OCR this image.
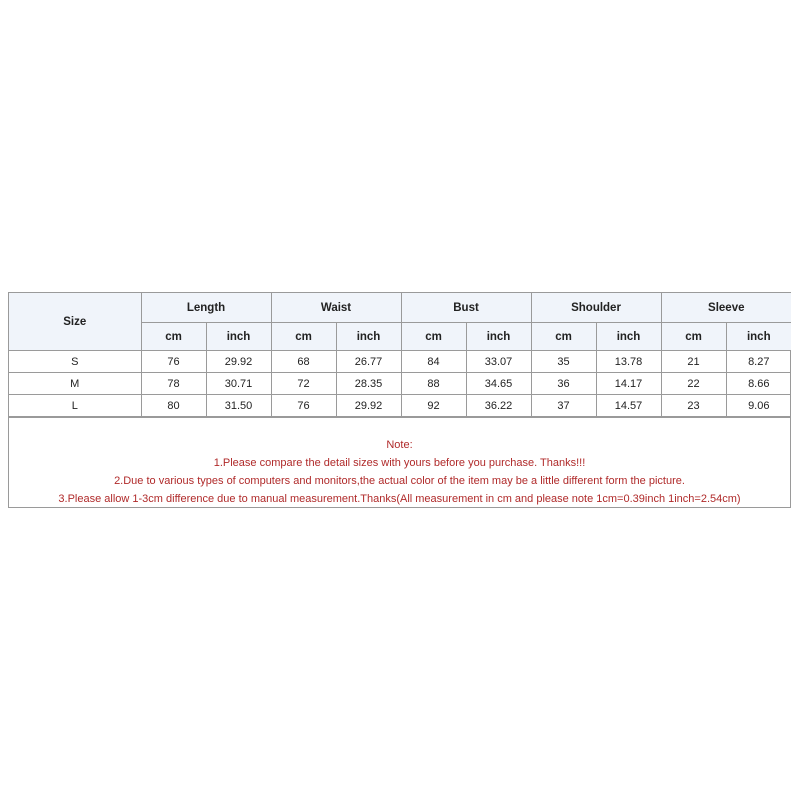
Size	Length		Waist		Bust		Shoulder		Sleeve	
	cm	inch	cm	inch	cm	inch	cm	inch	cm	inch
S	76	29.92	68	26.77	84	33.07	35	13.78	21	8.27
M	78	30.71	72	28.35	88	34.65	36	14.17	22	8.66
L	80	31.50	76	29.92	92	36.22	37	14.57	23	9.06
Note:
1.Please compare the detail sizes with yours before you purchase. Thanks!!!
2.Due to various types of computers and monitors,the actual color of the item may be a little different form the picture.
3.Please allow 1-3cm difference due to manual measurement.Thanks(All measurement in cm and please note 1cm=0.39inch 1inch=2.54cm)
